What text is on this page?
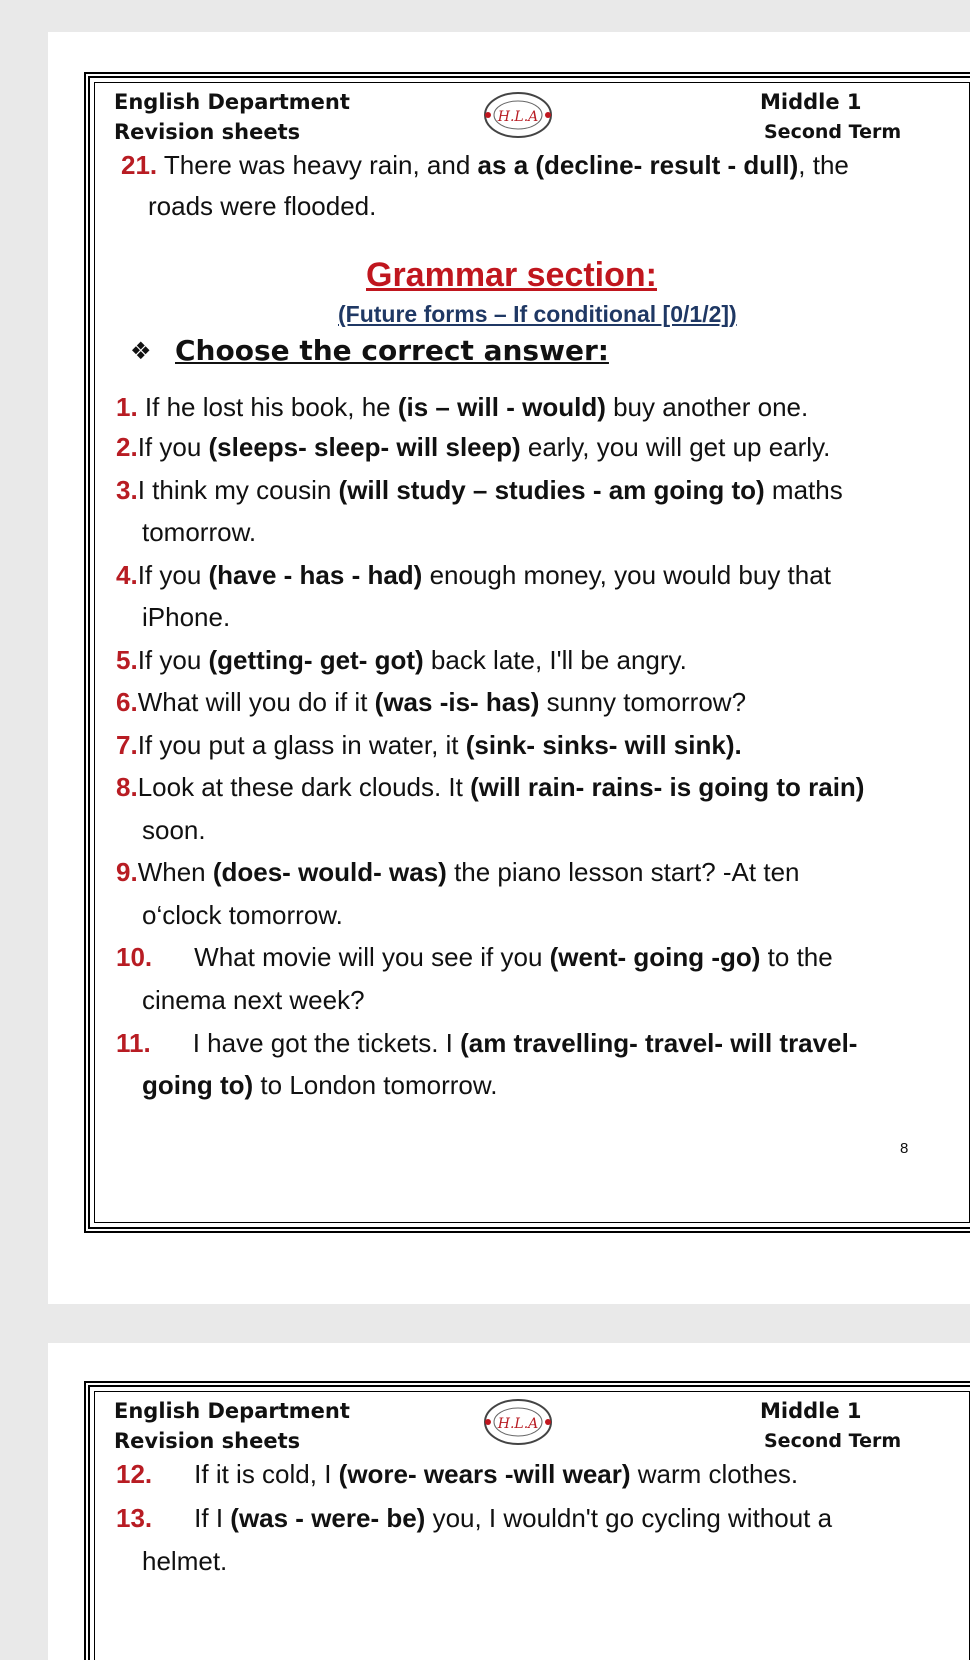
English Department
Revision sheets
Middle 1
Second Term
H.L.A
21. There was heavy rain, and as a (decline- result - dull), the
roads were flooded.
Grammar section:
(Future forms – If conditional [0/1/2])
❖ Choose the correct answer:
1. If he lost his book, he (is – will - would) buy another one.
2.If you (sleeps- sleep- will sleep) early, you will get up early.
3.I think my cousin (will study – studies - am going to) maths
tomorrow.
4.If you (have - has - had) enough money, you would buy that
iPhone.
5.If you (getting- get- got) back late, I'll be angry.
6.What will you do if it (was -is- has) sunny tomorrow?
7.If you put a glass in water, it (sink- sinks- will sink).
8.Look at these dark clouds. It (will rain- rains- is going to rain)
soon.
9.When (does- would- was) the piano lesson start? -At ten
o‘clock tomorrow.
10. What movie will you see if you (went- going -go) to the
cinema next week?
11. I have got the tickets. I (am travelling- travel- will travel-
going to) to London tomorrow.
8
English Department
Revision sheets
Middle 1
Second Term
H.L.A
12. If it is cold, I (wore- wears -will wear) warm clothes.
13. If I (was - were- be) you, I wouldn't go cycling without a
helmet.
